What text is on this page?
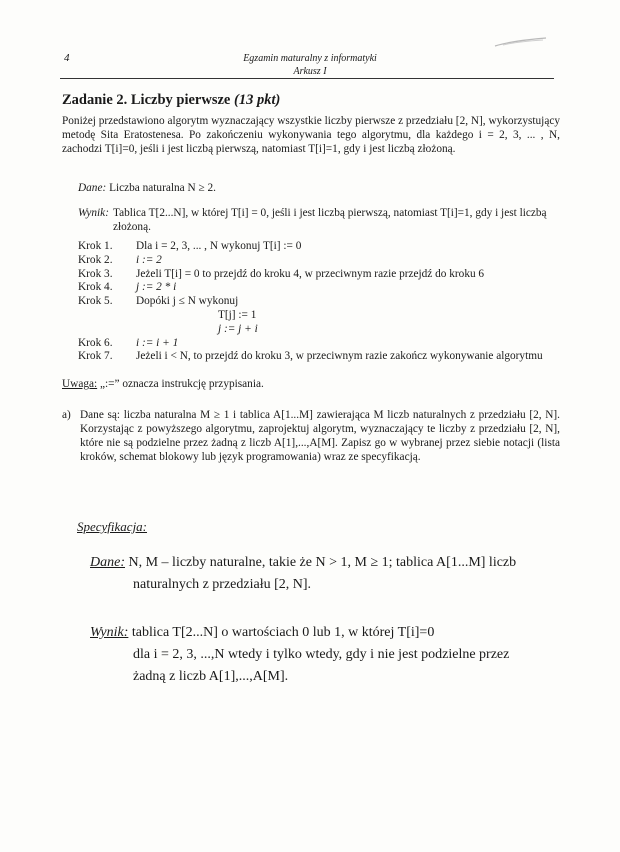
4	Egzamin maturalny z informatyki
Arkusz I
Zadanie 2. Liczby pierwsze (13 pkt)
Poniżej przedstawiono algorytm wyznaczający wszystkie liczby pierwsze z przedziału [2, N], wykorzystujący metodę Sita Eratostenesa. Po zakończeniu wykonywania tego algorytmu, dla każdego i = 2, 3, ... , N, zachodzi T[i]=0, jeśli i jest liczbą pierwszą, natomiast T[i]=1, gdy i jest liczbą złożoną.
Dane: Liczba naturalna N ≥ 2.
Wynik: Tablica T[2...N], w której T[i] = 0, jeśli i jest liczbą pierwszą, natomiast T[i]=1, gdy i jest liczbą złożoną.
Krok 1.	Dla i = 2, 3, ... , N wykonuj T[i] := 0
Krok 2.	i := 2
Krok 3.	Jeżeli T[i] = 0 to przejdź do kroku 4, w przeciwnym razie przejdź do kroku 6
Krok 4.	j := 2 * i
Krok 5.	Dopóki j ≤ N wykonuj
T[j] := 1
j := j + i
Krok 6.	i := i + 1
Krok 7.	Jeżeli i < N, to przejdź do kroku 3, w przeciwnym razie zakończ wykonywanie algorytmu
Uwaga: „:=” oznacza instrukcję przypisania.
a) Dane są: liczba naturalna M ≥ 1 i tablica A[1...M] zawierająca M liczb naturalnych z przedziału [2, N]. Korzystając z powyższego algorytmu, zaprojektuj algorytm, wyznaczający te liczby z przedziału [2, N], które nie są podzielne przez żadną z liczb A[1],...,A[M]. Zapisz go w wybranej przez siebie notacji (lista kroków, schemat blokowy lub język programowania) wraz ze specyfikacją.
Specyfikacja:
Dane: N, M – liczby naturalne, takie że N > 1, M ≥ 1; tablica A[1...M] liczb
naturalnych z przedziału [2, N].
Wynik: tablica T[2...N] o wartościach 0 lub 1, w której T[i]=0
dla i = 2, 3, ...,N wtedy i tylko wtedy, gdy i nie jest podzielne przez
żadną z liczb A[1],...,A[M].
